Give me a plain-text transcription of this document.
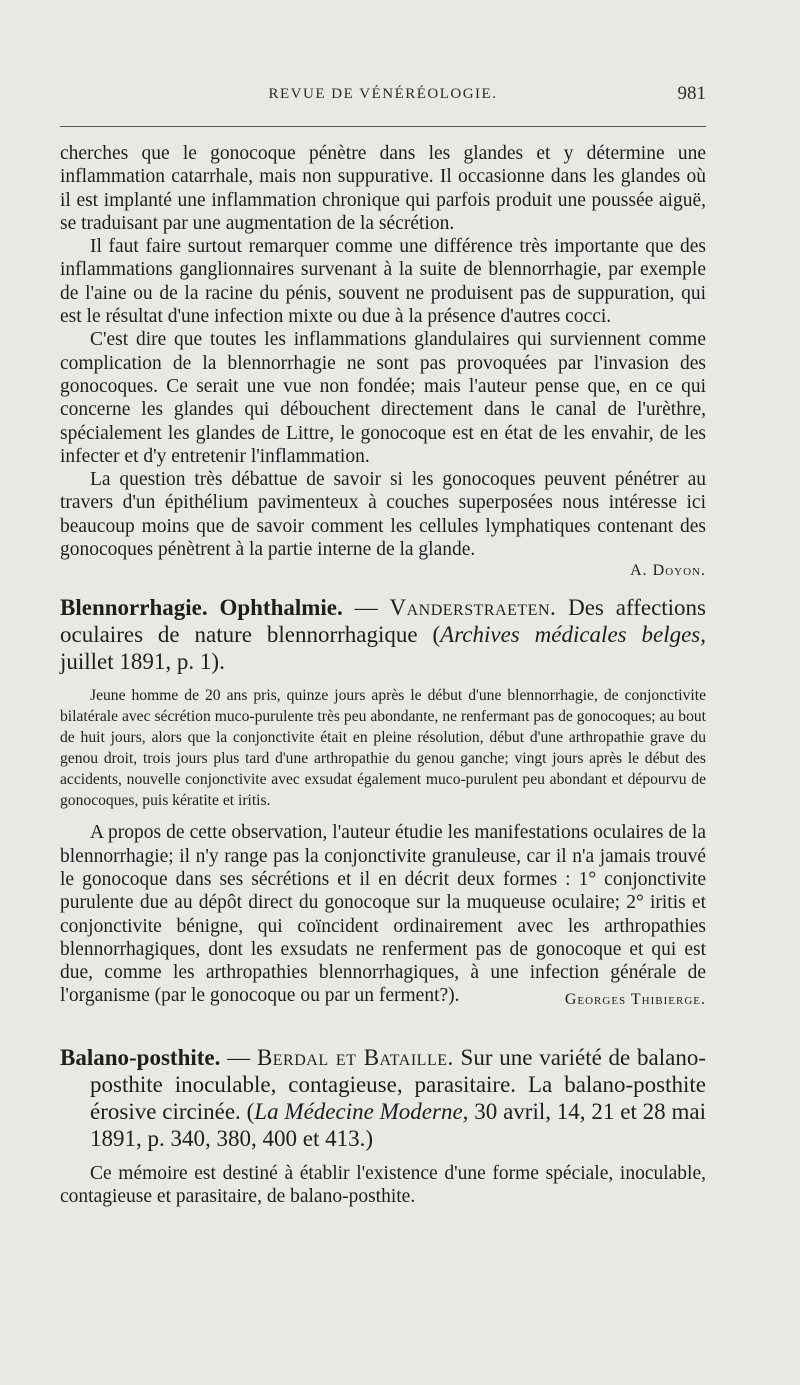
REVUE DE VÉNÉRÉOLOGIE.	981

cherches que le gonocoque pénètre dans les glandes et y détermine une inflammation catarrhale, mais non suppurative. Il occasionne dans les glandes où il est implanté une inflammation chronique qui parfois produit une poussée aiguë, se traduisant par une augmentation de la sécrétion.

Il faut faire surtout remarquer comme une différence très importante que des inflammations ganglionnaires survenant à la suite de blennorrhagie, par exemple de l'aine ou de la racine du pénis, souvent ne produisent pas de suppuration, qui est le résultat d'une infection mixte ou due à la présence d'autres cocci.

C'est dire que toutes les inflammations glandulaires qui surviennent comme complication de la blennorrhagie ne sont pas provoquées par l'invasion des gonocoques. Ce serait une vue non fondée; mais l'auteur pense que, en ce qui concerne les glandes qui débouchent directement dans le canal de l'urèthre, spécialement les glandes de Littre, le gonocoque est en état de les envahir, de les infecter et d'y entretenir l'inflammation.

La question très débattue de savoir si les gonocoques peuvent pénétrer au travers d'un épithélium pavimenteux à couches superposées nous intéresse ici beaucoup moins que de savoir comment les cellules lymphatiques contenant des gonocoques pénètrent à la partie interne de la glande.

A. Doyon.

Blennorrhagie. Ophthalmie. — Vanderstraeten. Des affections oculaires de nature blennorrhagique (Archives médicales belges, juillet 1891, p. 1).

Jeune homme de 20 ans pris, quinze jours après le début d'une blennorrhagie, de conjonctivite bilatérale avec sécrétion muco-purulente très peu abondante, ne renfermant pas de gonocoques; au bout de huit jours, alors que la conjonctivite était en pleine résolution, début d'une arthropathie grave du genou droit, trois jours plus tard d'une arthropathie du genou ganche; vingt jours après le début des accidents, nouvelle conjonctivite avec exsudat également muco-purulent peu abondant et dépourvu de gonocoques, puis kératite et iritis.

A propos de cette observation, l'auteur étudie les manifestations oculaires de la blennorrhagie; il n'y range pas la conjonctivite granuleuse, car il n'a jamais trouvé le gonocoque dans ses sécrétions et il en décrit deux formes : 1° conjonctivite purulente due au dépôt direct du gonocoque sur la muqueuse oculaire; 2° iritis et conjonctivite bénigne, qui coïncident ordinairement avec les arthropathies blennorrhagiques, dont les exsudats ne renferment pas de gonocoque et qui est due, comme les arthropathies blennorrhagiques, à une infection générale de l'organisme (par le gonocoque ou par un ferment?).	Georges Thibierge.

Balano-posthite. — Berdal et Bataille. Sur une variété de balano-posthite inoculable, contagieuse, parasitaire. La balano-posthite érosive circinée. (La Médecine Moderne, 30 avril, 14, 21 et 28 mai 1891, p. 340, 380, 400 et 413.)

Ce mémoire est destiné à établir l'existence d'une forme spéciale, inoculable, contagieuse et parasitaire, de balano-posthite.
